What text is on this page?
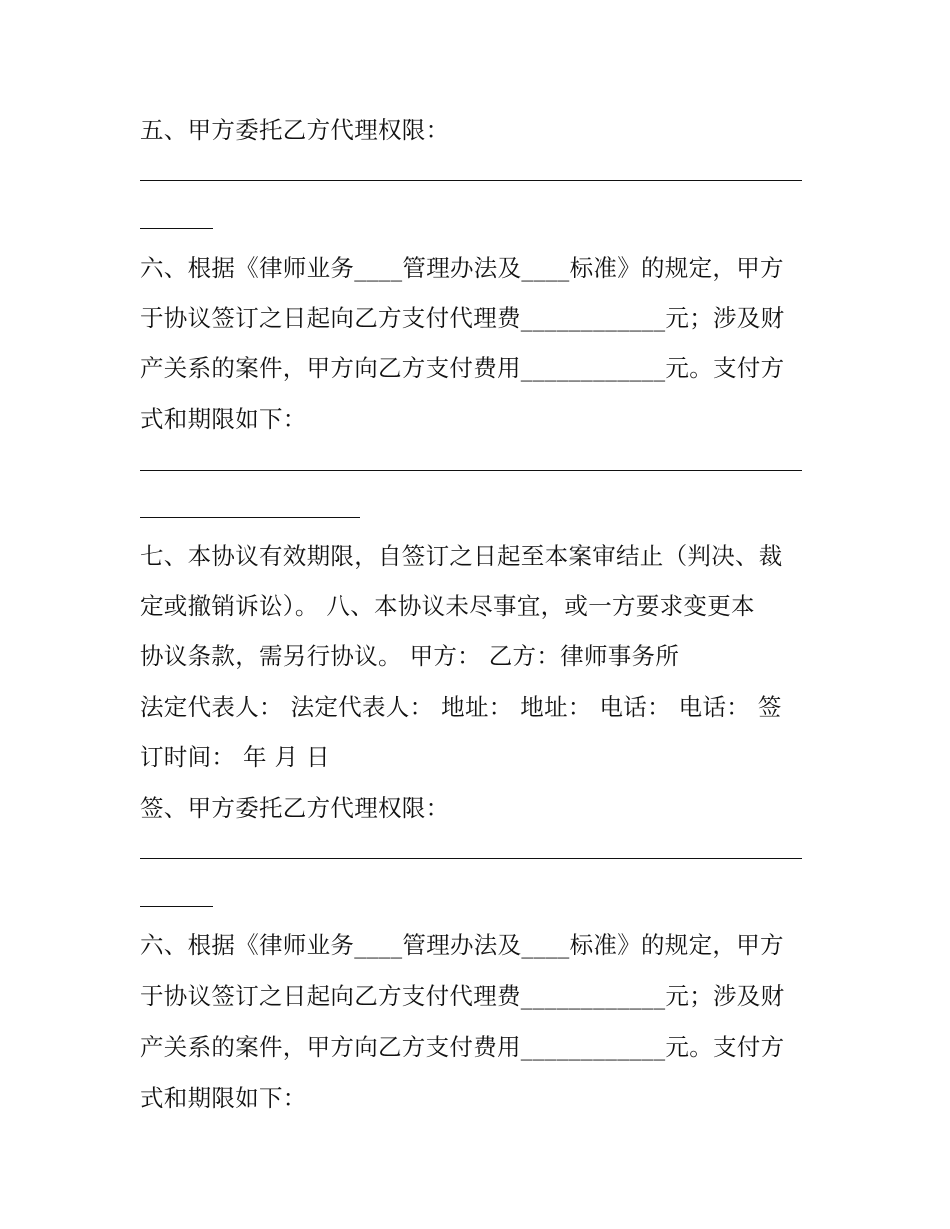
五、甲方委托乙方代理权限：
六、根据《律师业务____管理办法及____标准》的规定，甲方
于协议签订之日起向乙方支付代理费____________元；涉及财
产关系的案件，甲方向乙方支付费用____________元。支付方
式和期限如下：
七、本协议有效期限，自签订之日起至本案审结止（判决、裁
定或撤销诉讼）。 八、本协议未尽事宜，或一方要求变更本
协议条款，需另行协议。 甲方： 乙方：律师事务所
法定代表人： 法定代表人： 地址： 地址： 电话： 电话： 签
订时间： 年 月 日
签、甲方委托乙方代理权限：
六、根据《律师业务____管理办法及____标准》的规定，甲方
于协议签订之日起向乙方支付代理费____________元；涉及财
产关系的案件，甲方向乙方支付费用____________元。支付方
式和期限如下：
